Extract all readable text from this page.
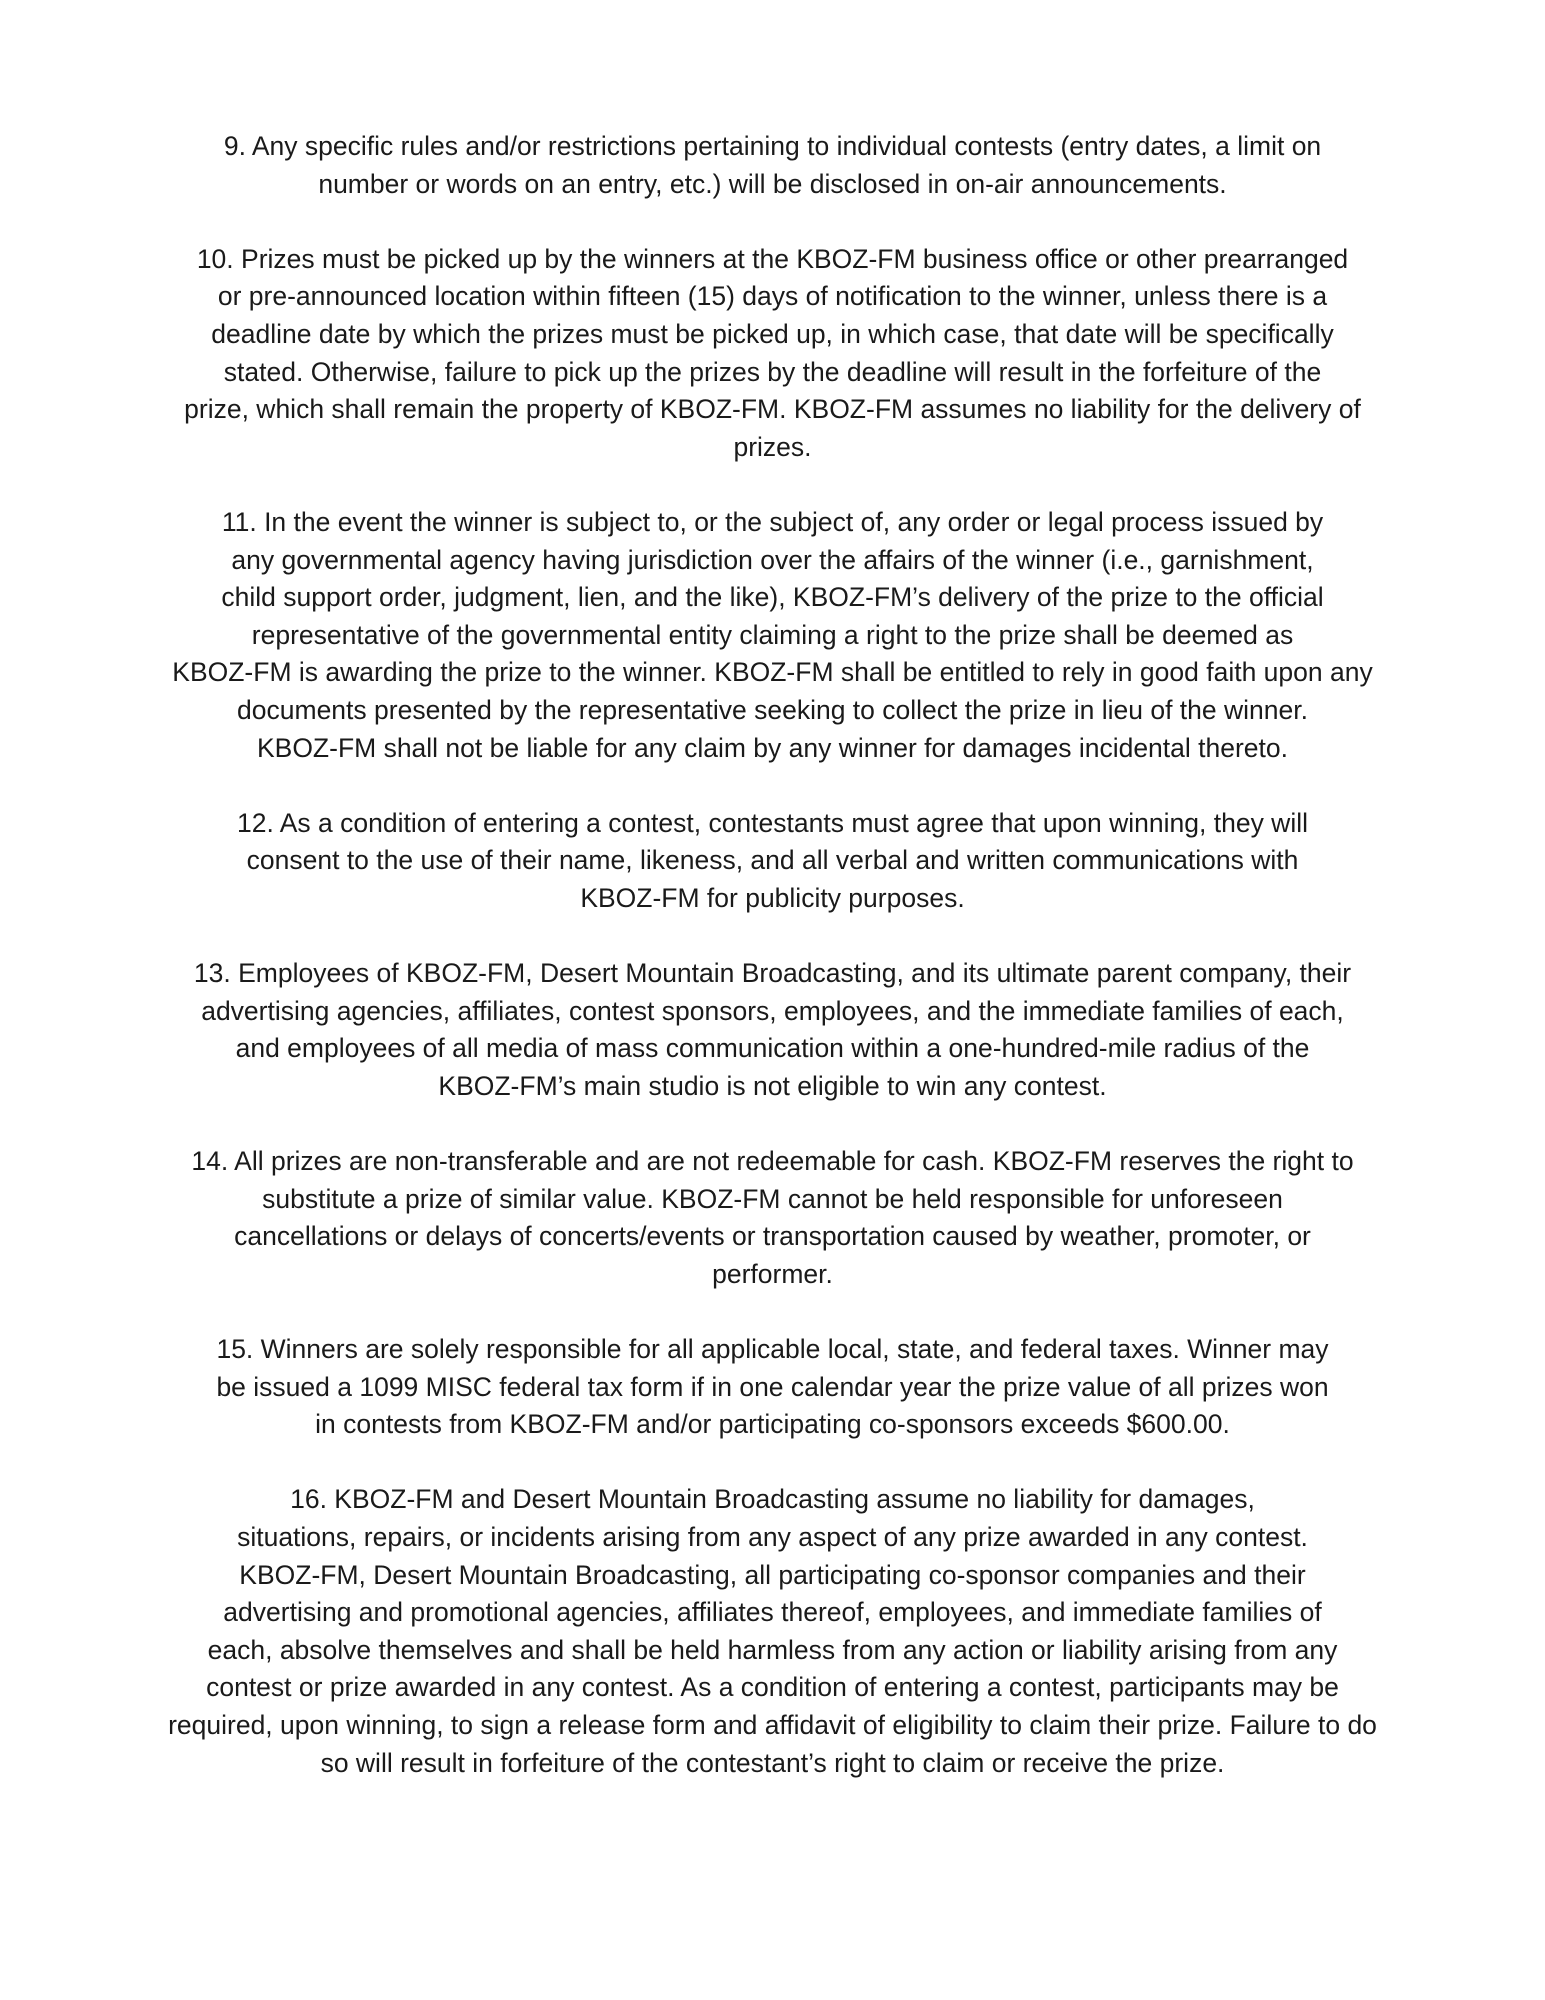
9. Any specific rules and/or restrictions pertaining to individual contests (entry dates, a limit on
number or words on an entry, etc.) will be disclosed in on-air announcements.

10. Prizes must be picked up by the winners at the KBOZ-FM business office or other prearranged
or pre-announced location within fifteen (15) days of notification to the winner, unless there is a
deadline date by which the prizes must be picked up, in which case, that date will be specifically
stated. Otherwise, failure to pick up the prizes by the deadline will result in the forfeiture of the
prize, which shall remain the property of KBOZ-FM. KBOZ-FM assumes no liability for the delivery of
prizes.

11. In the event the winner is subject to, or the subject of, any order or legal process issued by
any governmental agency having jurisdiction over the affairs of the winner (i.e., garnishment,
child support order, judgment, lien, and the like), KBOZ-FM’s delivery of the prize to the official
representative of the governmental entity claiming a right to the prize shall be deemed as
KBOZ-FM is awarding the prize to the winner. KBOZ-FM shall be entitled to rely in good faith upon any
documents presented by the representative seeking to collect the prize in lieu of the winner.
KBOZ-FM shall not be liable for any claim by any winner for damages incidental thereto.

12. As a condition of entering a contest, contestants must agree that upon winning, they will
consent to the use of their name, likeness, and all verbal and written communications with
KBOZ-FM for publicity purposes.

13. Employees of KBOZ-FM, Desert Mountain Broadcasting, and its ultimate parent company, their
advertising agencies, affiliates, contest sponsors, employees, and the immediate families of each,
and employees of all media of mass communication within a one-hundred-mile radius of the
KBOZ-FM’s main studio is not eligible to win any contest.

14. All prizes are non-transferable and are not redeemable for cash. KBOZ-FM reserves the right to
substitute a prize of similar value. KBOZ-FM cannot be held responsible for unforeseen
cancellations or delays of concerts/events or transportation caused by weather, promoter, or
performer.

15. Winners are solely responsible for all applicable local, state, and federal taxes. Winner may
be issued a 1099 MISC federal tax form if in one calendar year the prize value of all prizes won
in contests from KBOZ-FM and/or participating co-sponsors exceeds $600.00.

16. KBOZ-FM and Desert Mountain Broadcasting assume no liability for damages,
situations, repairs, or incidents arising from any aspect of any prize awarded in any contest.
KBOZ-FM, Desert Mountain Broadcasting, all participating co-sponsor companies and their
advertising and promotional agencies, affiliates thereof, employees, and immediate families of
each, absolve themselves and shall be held harmless from any action or liability arising from any
contest or prize awarded in any contest. As a condition of entering a contest, participants may be
required, upon winning, to sign a release form and affidavit of eligibility to claim their prize. Failure to do
so will result in forfeiture of the contestant’s right to claim or receive the prize.
